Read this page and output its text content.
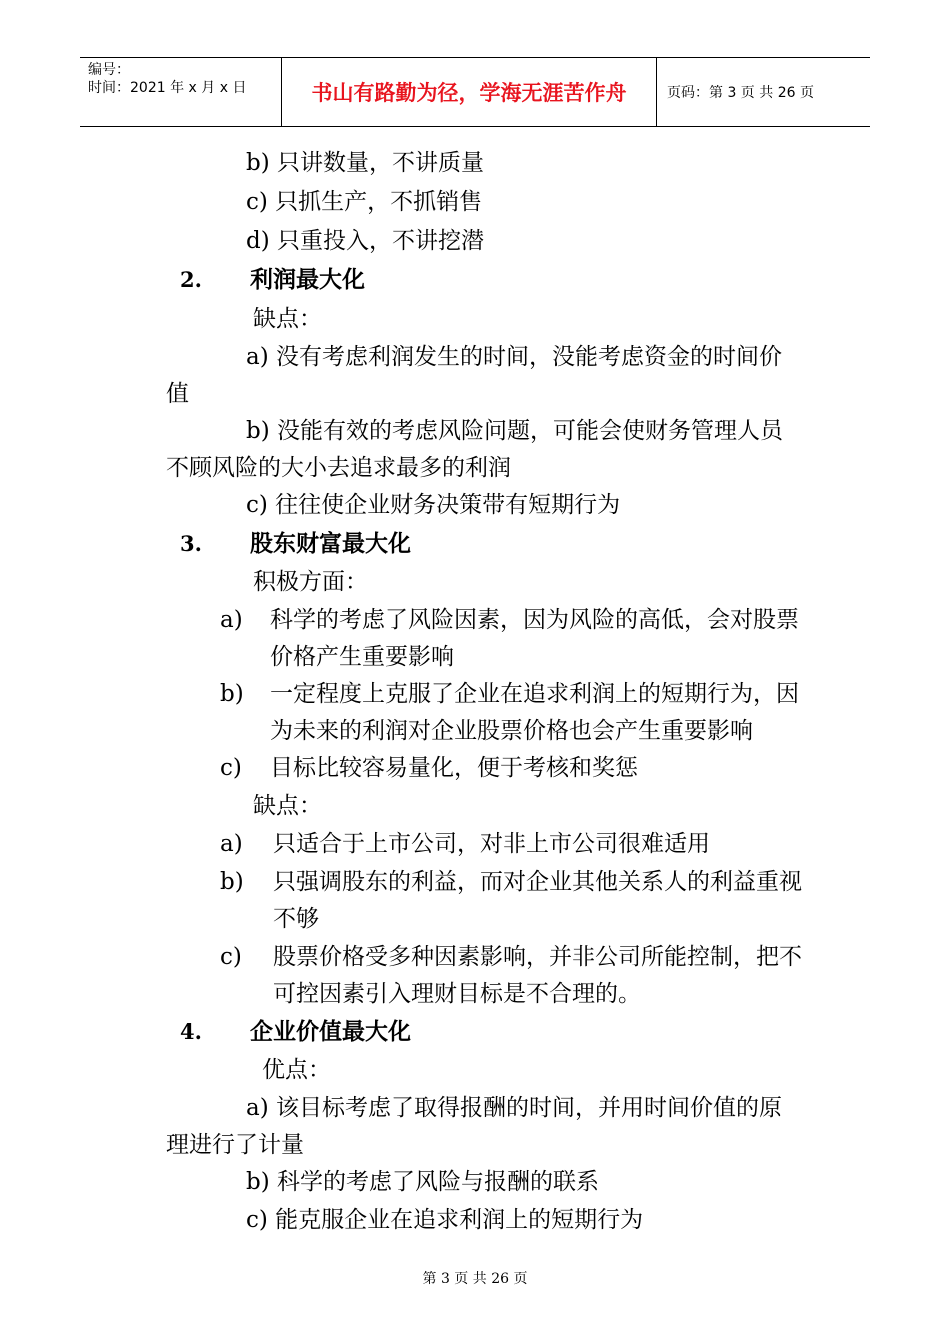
编号：
时间：2021 年 x 月 x 日	书山有路勤为径，学海无涯苦作舟	页码：第 3 页 共 26 页
b) 只讲数量，不讲质量
c) 只抓生产，不抓销售
d) 只重投入，不讲挖潜
2. 利润最大化
缺点：
a) 没有考虑利润发生的时间，没能考虑资金的时间价
值
b) 没能有效的考虑风险问题，可能会使财务管理人员
不顾风险的大小去追求最多的利润
c) 往往使企业财务决策带有短期行为
3. 股东财富最大化
积极方面：
a) 科学的考虑了风险因素，因为风险的高低，会对股票
价格产生重要影响
b) 一定程度上克服了企业在追求利润上的短期行为，因
为未来的利润对企业股票价格也会产生重要影响
c) 目标比较容易量化，便于考核和奖惩
缺点：
a) 只适合于上市公司，对非上市公司很难适用
b) 只强调股东的利益，而对企业其他关系人的利益重视
不够
c) 股票价格受多种因素影响，并非公司所能控制，把不
可控因素引入理财目标是不合理的。
4. 企业价值最大化
优点：
a) 该目标考虑了取得报酬的时间，并用时间价值的原
理进行了计量
b) 科学的考虑了风险与报酬的联系
c) 能克服企业在追求利润上的短期行为
第 3 页 共 26 页
